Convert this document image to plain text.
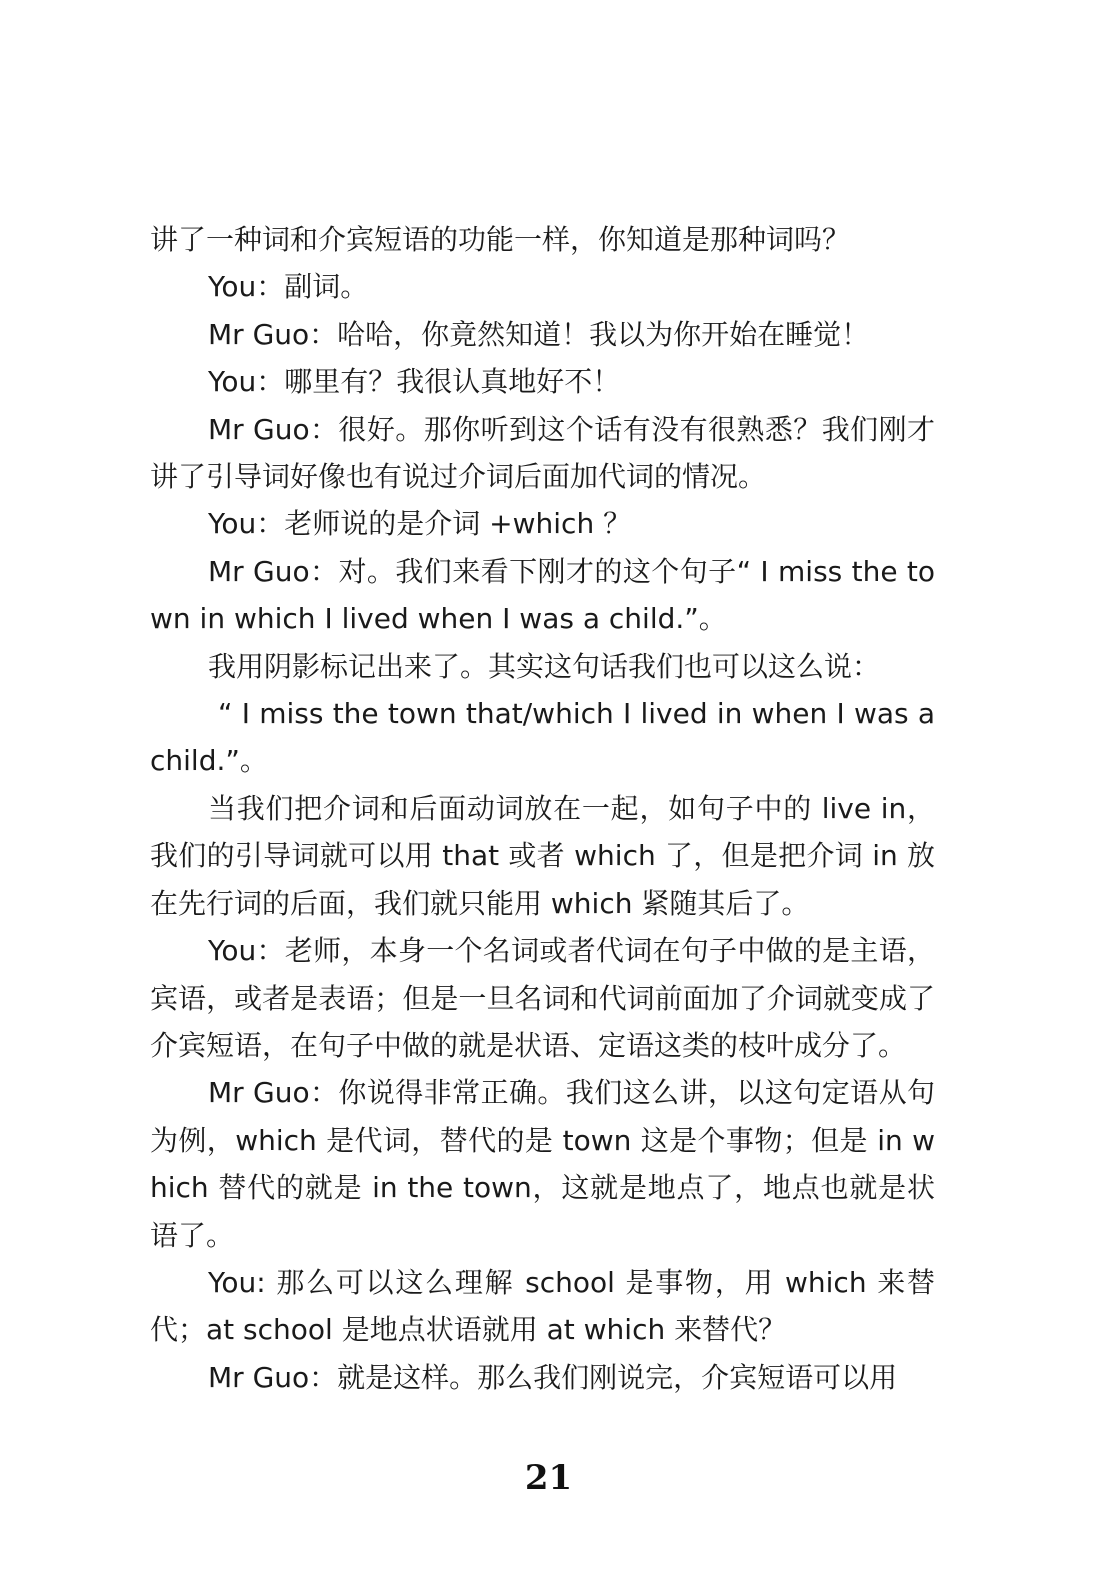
讲了一种词和介宾短语的功能一样，你知道是那种词吗？

You：副词。

Mr Guo：哈哈，你竟然知道！我以为你开始在睡觉！

You：哪里有？我很认真地好不！

Mr Guo：很好。那你听到这个话有没有很熟悉？我们刚才讲了引导词好像也有说过介词后面加代词的情况。

You：老师说的是介词 +which ？

Mr Guo：对。我们来看下刚才的这个句子“ I miss the town in which I lived when I was a child.”。

我用阴影标记出来了。其实这句话我们也可以这么说：

“ I miss the town that/which I lived in when I was a child.”。

当我们把介词和后面动词放在一起，如句子中的 live in，我们的引导词就可以用 that 或者 which 了，但是把介词 in 放在先行词的后面，我们就只能用 which 紧随其后了。

You：老师，本身一个名词或者代词在句子中做的是主语，宾语，或者是表语；但是一旦名词和代词前面加了介词就变成了介宾短语，在句子中做的就是状语、定语这类的枝叶成分了。

Mr Guo：你说得非常正确。我们这么讲，以这句定语从句为例，which 是代词，替代的是 town 这是个事物；但是 in which 替代的就是 in the town，这就是地点了，地点也就是状语了。

You: 那么可以这么理解 school 是事物，用 which 来替代；at school 是地点状语就用 at which 来替代？

Mr Guo：就是这样。那么我们刚说完，介宾短语可以用

21
